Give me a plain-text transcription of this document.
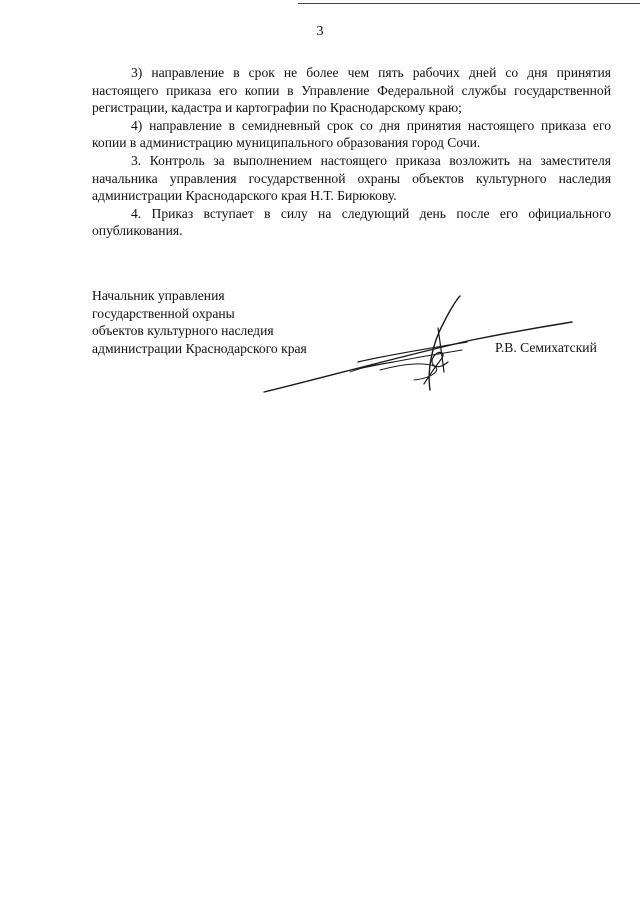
3

3) направление в срок не более чем пять рабочих дней со дня принятия настоящего приказа его копии в Управление Федеральной службы государственной регистрации, кадастра и картографии по Краснодарскому краю;

4) направление в семидневный срок со дня принятия настоящего приказа его копии в администрацию муниципального образования город Сочи.

3. Контроль за выполнением настоящего приказа возложить на заместителя начальника управления государственной охраны объектов культурного наследия администрации Краснодарского края Н.Т. Бирюкову.

4. Приказ вступает в силу на следующий день после его официального опубликования.

Начальник управления
государственной охраны
объектов культурного наследия
администрации Краснодарского края	Р.В. Семихатский
